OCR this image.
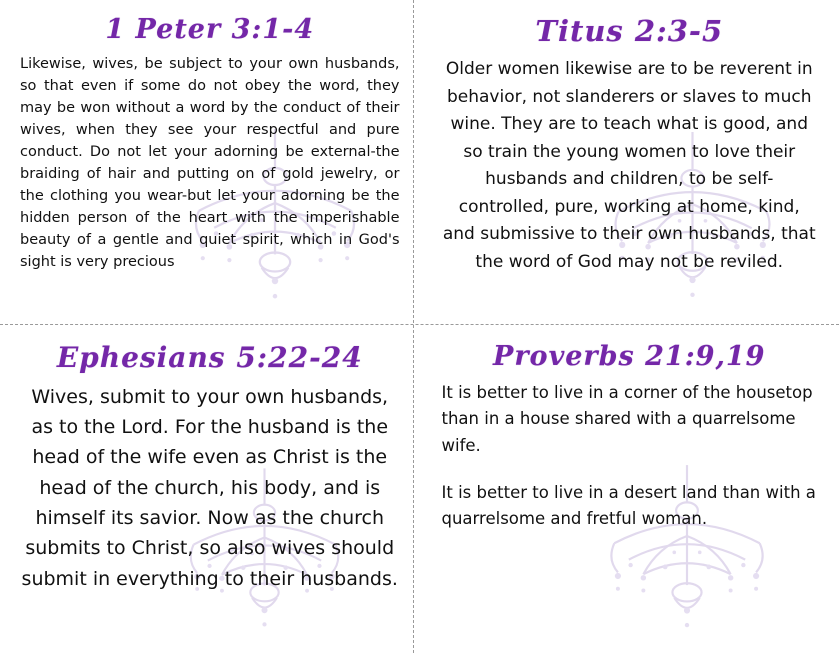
1 Peter 3:1-4
Likewise, wives, be subject to your own husbands, so that even if some do not obey the word, they may be won without a word by the conduct of their wives, when they see your respectful and pure conduct. Do not let your adorning be external-the braiding of hair and putting on of gold jewelry, or the clothing you wear-but let your adorning be the hidden person of the heart with the imperishable beauty of a gentle and quiet spirit, which in God's sight is very precious
Titus 2:3-5
Older women likewise are to be reverent in behavior, not slanderers or slaves to much wine. They are to teach what is good, and so train the young women to love their husbands and children, to be self-controlled, pure, working at home, kind, and submissive to their own husbands, that the word of God may not be reviled.
Ephesians 5:22-24
Wives, submit to your own husbands, as to the Lord. For the husband is the head of the wife even as Christ is the head of the church, his body, and is himself its savior. Now as the church submits to Christ, so also wives should submit in everything to their husbands.
Proverbs 21:9,19

It is better to live in a corner of the housetop than in a house shared with a quarrelsome wife.

It is better to live in a desert land than with a quarrelsome and fretful woman.
